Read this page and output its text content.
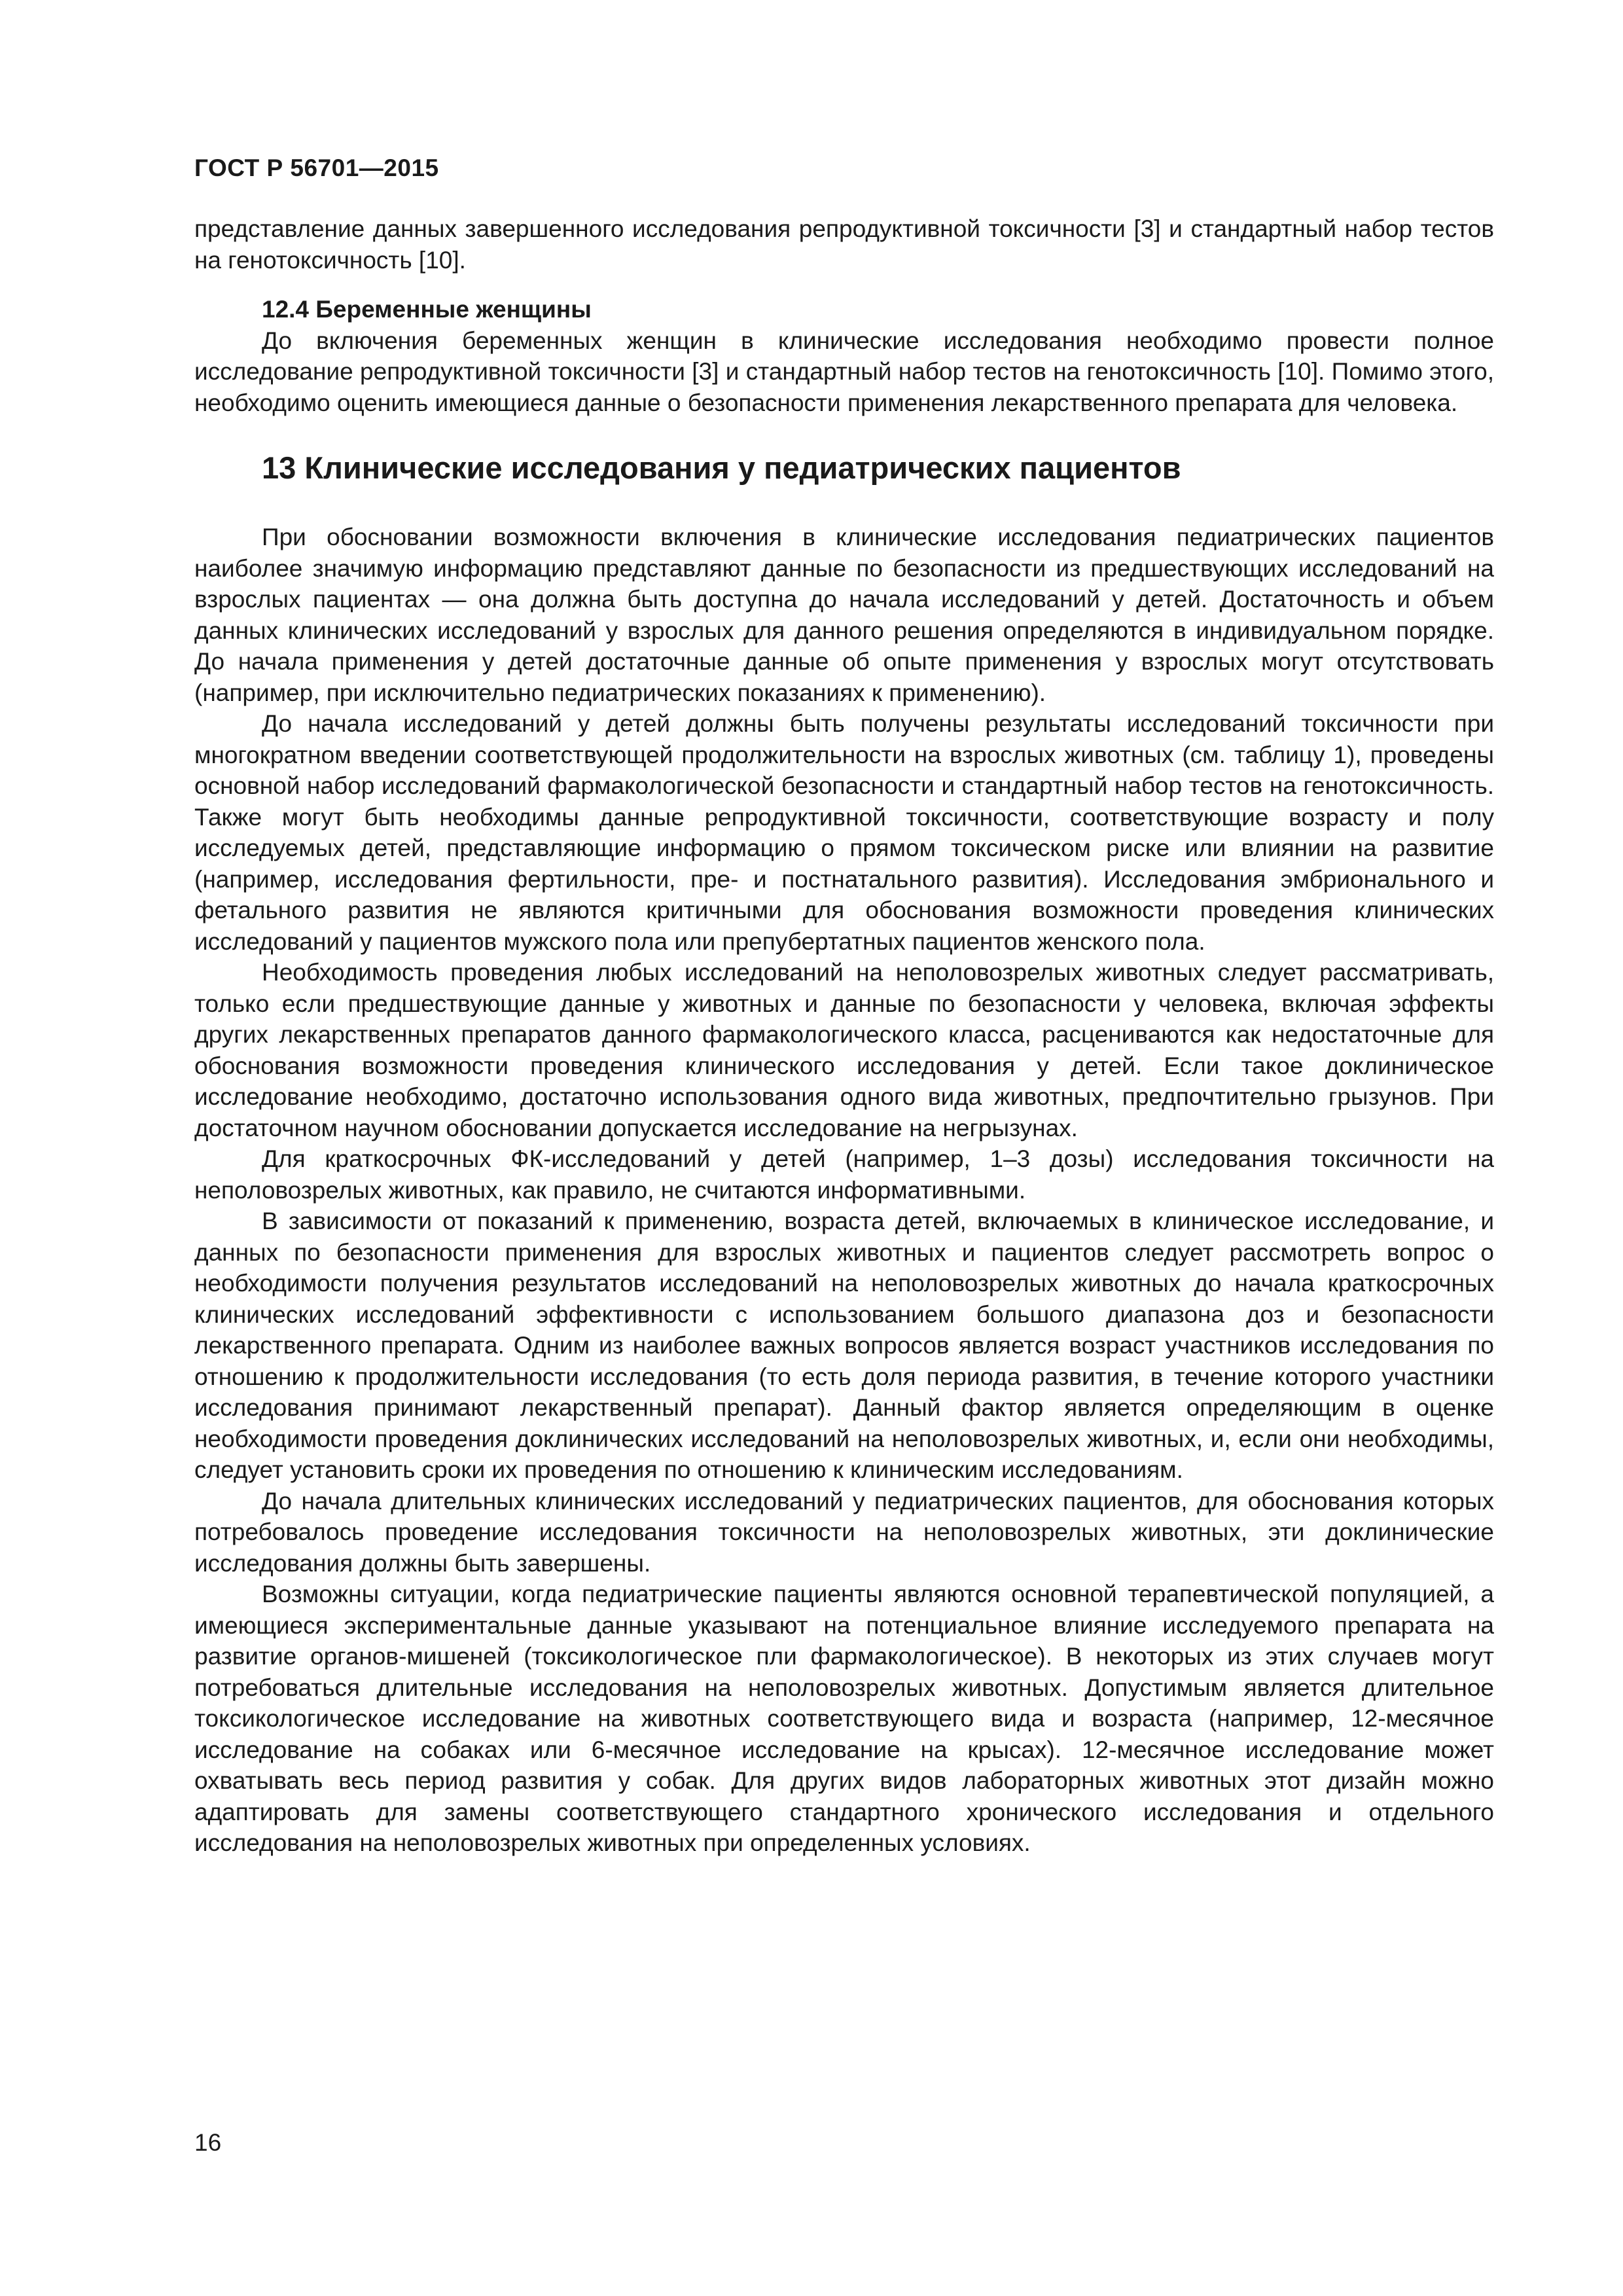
ГОСТ Р 56701—2015

представление данных завершенного исследования репродуктивной токсичности [3] и стандартный набор тестов на генотоксичность [10].

12.4 Беременные женщины

До включения беременных женщин в клинические исследования необходимо провести полное исследование репродуктивной токсичности [3] и стандартный набор тестов на генотоксичность [10]. Помимо этого, необходимо оценить имеющиеся данные о безопасности применения лекарственного препарата для человека.

13 Клинические исследования у педиатрических пациентов

При обосновании возможности включения в клинические исследования педиатрических пациентов наиболее значимую информацию представляют данные по безопасности из предшествующих исследований на взрослых пациентах — она должна быть доступна до начала исследований у детей. Достаточность и объем данных клинических исследований у взрослых для данного решения определяются в индивидуальном порядке. До начала применения у детей достаточные данные об опыте применения у взрослых могут отсутствовать (например, при исключительно педиатрических показаниях к применению).

До начала исследований у детей должны быть получены результаты исследований токсичности при многократном введении соответствующей продолжительности на взрослых животных (см. таблицу 1), проведены основной набор исследований фармакологической безопасности и стандартный набор тестов на генотоксичность. Также могут быть необходимы данные репродуктивной токсичности, соответствующие возрасту и полу исследуемых детей, представляющие информацию о прямом токсическом риске или влиянии на развитие (например, исследования фертильности, пре- и постнатального развития). Исследования эмбрионального и фетального развития не являются критичными для обоснования возможности проведения клинических исследований у пациентов мужского пола или препубертатных пациентов женского пола.

Необходимость проведения любых исследований на неполовозрелых животных следует рассматривать, только если предшествующие данные у животных и данные по безопасности у человека, включая эффекты других лекарственных препаратов данного фармакологического класса, расцениваются как недостаточные для обоснования возможности проведения клинического исследования у детей. Если такое доклиническое исследование необходимо, достаточно использования одного вида животных, предпочтительно грызунов. При достаточном научном обосновании допускается исследование на негрызунах.

Для краткосрочных ФК-исследований у детей (например, 1–3 дозы) исследования токсичности на неполовозрелых животных, как правило, не считаются информативными.

В зависимости от показаний к применению, возраста детей, включаемых в клиническое исследование, и данных по безопасности применения для взрослых животных и пациентов следует рассмотреть вопрос о необходимости получения результатов исследований на неполовозрелых животных до начала краткосрочных клинических исследований эффективности с использованием большого диапазона доз и безопасности лекарственного препарата. Одним из наиболее важных вопросов является возраст участников исследования по отношению к продолжительности исследования (то есть доля периода развития, в течение которого участники исследования принимают лекарственный препарат). Данный фактор является определяющим в оценке необходимости проведения доклинических исследований на неполовозрелых животных, и, если они необходимы, следует установить сроки их проведения по отношению к клиническим исследованиям.

До начала длительных клинических исследований у педиатрических пациентов, для обоснования которых потребовалось проведение исследования токсичности на неполовозрелых животных, эти доклинические исследования должны быть завершены.

Возможны ситуации, когда педиатрические пациенты являются основной терапевтической популяцией, а имеющиеся экспериментальные данные указывают на потенциальное влияние исследуемого препарата на развитие органов-мишеней (токсикологическое пли фармакологическое). В некоторых из этих случаев могут потребоваться длительные исследования на неполовозрелых животных. Допустимым является длительное токсикологическое исследование на животных соответствующего вида и возраста (например, 12-месячное исследование на собаках или 6-месячное исследование на крысах). 12-месячное исследование может охватывать весь период развития у собак. Для других видов лабораторных животных этот дизайн можно адаптировать для замены соответствующего стандартного хронического исследования и отдельного исследования на неполовозрелых животных при определенных условиях.

16
